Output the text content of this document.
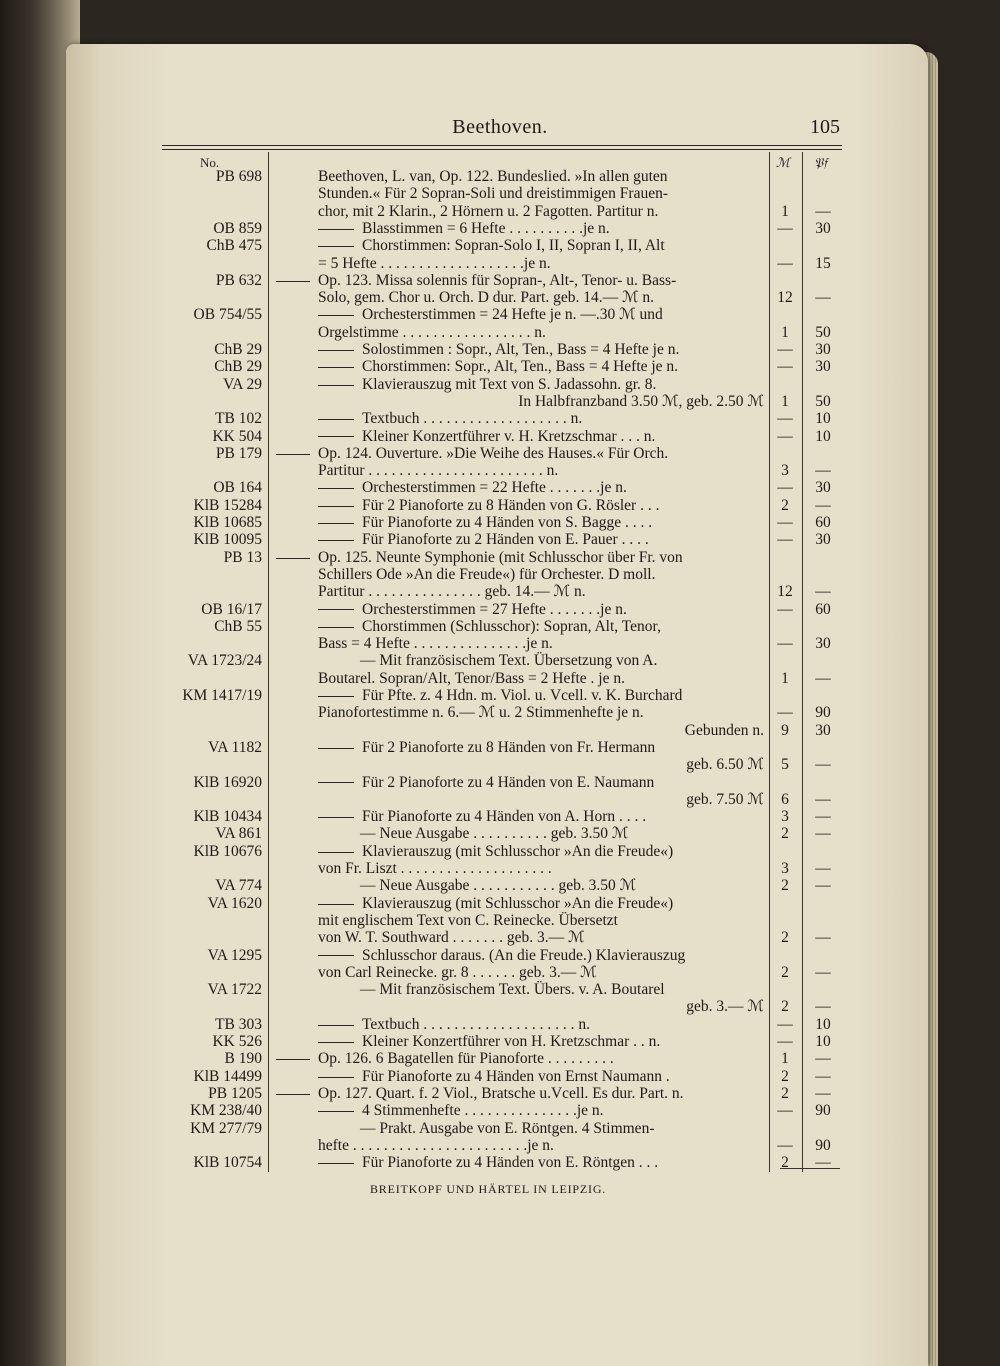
Beethoven.	105
No.	ℳ 𝔓𝔣
PB 698	Beethoven, L. van, Op. 122. Bundeslied. »In allen guten
Stunden.« Für 2 Sopran-Soli und dreistimmigen Frauen-
chor, mit 2 Klarin., 2 Hörnern u. 2 Fagotten. Partitur n.	1	—
OB 859	Blasstimmen = 6 Hefte . . . . . . . . . .je n.	—	30
ChB 475	Chorstimmen: Sopran-Solo I, II, Sopran I, II, Alt
= 5 Hefte . . . . . . . . . . . . . . . . . . .je n.	—	15
PB 632	Op. 123. Missa solennis für Sopran-, Alt-, Tenor- u. Bass-
Solo, gem. Chor u. Orch. D dur. Part. geb. 14.— ℳ n.	12	—
OB 754/55	Orchesterstimmen = 24 Hefte je n. —.30 ℳ und
Orgelstimme . . . . . . . . . . . . . . . . . n.	1	50
ChB 29	Solostimmen : Sopr., Alt, Ten., Bass = 4 Hefte je n.	—	30
ChB 29	Chorstimmen: Sopr., Alt, Ten., Bass = 4 Hefte je n.	—	30
VA 29	Klavierauszug mit Text von S. Jadassohn. gr. 8.
In Halbfranzband 3.50 ℳ, geb. 2.50 ℳ	1	50
TB 102	Textbuch . . . . . . . . . . . . . . . . . . . n.	—	10
KK 504	Kleiner Konzertführer v. H. Kretzschmar . . . n.	—	10
PB 179	Op. 124. Ouverture. »Die Weihe des Hauses.« Für Orch.
Partitur . . . . . . . . . . . . . . . . . . . . . . . n.	3	—
OB 164	Orchesterstimmen = 22 Hefte . . . . . . .je n.	—	30
KlB 15284	Für 2 Pianoforte zu 8 Händen von G. Rösler . . .	2	—
KlB 10685	Für Pianoforte zu 4 Händen von S. Bagge . . . .	—	60
KlB 10095	Für Pianoforte zu 2 Händen von E. Pauer . . . .	—	30
PB 13	Op. 125. Neunte Symphonie (mit Schlusschor über Fr. von
Schillers Ode »An die Freude«) für Orchester. D moll.
Partitur . . . . . . . . . . . . . . . geb. 14.— ℳ n.	12	—
OB 16/17	Orchesterstimmen = 27 Hefte . . . . . . .je n.	—	60
ChB 55	Chorstimmen (Schlusschor): Sopran, Alt, Tenor,
Bass = 4 Hefte . . . . . . . . . . . . . . .je n.	—	30
VA 1723/24	— Mit französischem Text. Übersetzung von A.
Boutarel. Sopran/Alt, Tenor/Bass = 2 Hefte . je n.	1	—
KM 1417/19	Für Pfte. z. 4 Hdn. m. Viol. u. Vcell. v. K. Burchard
Pianofortestimme n. 6.— ℳ u. 2 Stimmenhefte je n.	—	90
Gebunden n.	9	30
VA 1182	Für 2 Pianoforte zu 8 Händen von Fr. Hermann
geb. 6.50 ℳ	5	—
KlB 16920	Für 2 Pianoforte zu 4 Händen von E. Naumann
geb. 7.50 ℳ	6	—
KlB 10434	Für Pianoforte zu 4 Händen von A. Horn . . . .	3	—
VA 861	— Neue Ausgabe . . . . . . . . . . geb. 3.50 ℳ	2	—
KlB 10676	Klavierauszug (mit Schlusschor »An die Freude«)
von Fr. Liszt . . . . . . . . . . . . . . . . . . . .	3	—
VA 774	— Neue Ausgabe . . . . . . . . . . . geb. 3.50 ℳ	2	—
VA 1620	Klavierauszug (mit Schlusschor »An die Freude«)
mit englischem Text von C. Reinecke. Übersetzt
von W. T. Southward . . . . . . . geb. 3.— ℳ	2	—
VA 1295	Schlusschor daraus. (An die Freude.) Klavierauszug
von Carl Reinecke. gr. 8 . . . . . . geb. 3.— ℳ	2	—
VA 1722	— Mit französischem Text. Übers. v. A. Boutarel
geb. 3.— ℳ	2	—
TB 303	Textbuch . . . . . . . . . . . . . . . . . . . . n.	—	10
KK 526	Kleiner Konzertführer von H. Kretzschmar . . n.	—	10
B 190	Op. 126. 6 Bagatellen für Pianoforte . . . . . . . . .	1	—
KlB 14499	Für Pianoforte zu 4 Händen von Ernst Naumann .	2	—
PB 1205	Op. 127. Quart. f. 2 Viol., Bratsche u.Vcell. Es dur. Part. n.	2	—
KM 238/40	4 Stimmenhefte . . . . . . . . . . . . . . .je n.	—	90
KM 277/79	— Prakt. Ausgabe von E. Röntgen. 4 Stimmen-
hefte . . . . . . . . . . . . . . . . . . . . . . .je n.	—	90
KlB 10754	Für Pianoforte zu 4 Händen von E. Röntgen . . .	2	—
BREITKOPF UND HÄRTEL IN LEIPZIG.
